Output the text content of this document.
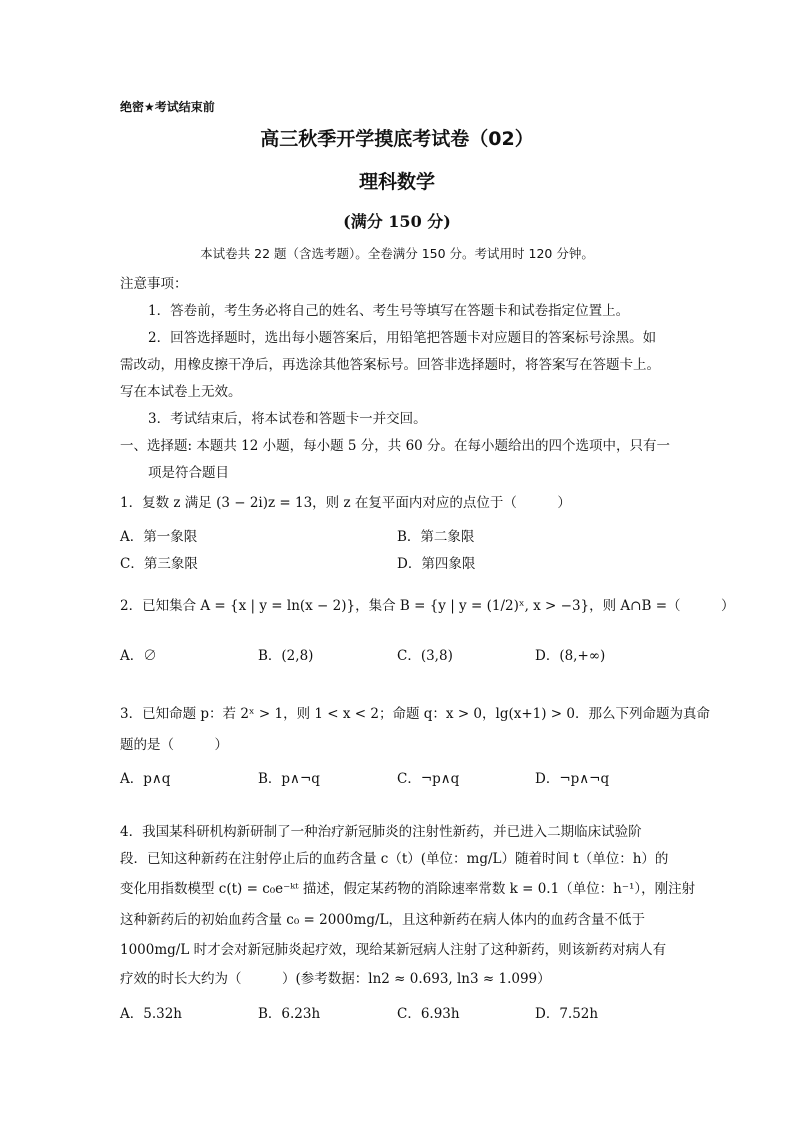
绝密★考试结束前
高三秋季开学摸底考试卷（02）
理科数学
(满分 150 分)
本试卷共 22 题（含选考题）。全卷满分 150 分。考试用时 120 分钟。
注意事项：
1．答卷前，考生务必将自己的姓名、考生号等填写在答题卡和试卷指定位置上。
2．回答选择题时，选出每小题答案后，用铅笔把答题卡对应题目的答案标号涂黑。如
需改动，用橡皮擦干净后，再选涂其他答案标号。回答非选择题时，将答案写在答题卡上。
写在本试卷上无效。
3．考试结束后，将本试卷和答题卡一并交回。
一、选择题: 本题共 12 小题，每小题 5 分，共 60 分。在每小题给出的四个选项中，只有一
项是符合题目
1．复数 z 满足 (3 − 2i)z = 13，则 z 在复平面内对应的点位于（　　　）
A．第一象限	B．第二象限
C．第三象限	D．第四象限
2．已知集合 A = {x | y = ln(x − 2)}，集合 B = {y | y = (1/2)ˣ, x > −3}，则 A∩B =（　　　）
A．∅	B．(2,8)	C．(3,8)	D．(8,+∞)
3．已知命题 p：若 2ˣ > 1，则 1 < x < 2；命题 q：x > 0，lg(x+1) > 0．那么下列命题为真命
题的是（　　　）
A．p∧q	B．p∧¬q	C．¬p∧q	D．¬p∧¬q
4．我国某科研机构新研制了一种治疗新冠肺炎的注射性新药，并已进入二期临床试验阶
段．已知这种新药在注射停止后的血药含量 c（t）(单位：mg/L）随着时间 t（单位：h）的
变化用指数模型 c(t) = c₀e⁻ᵏᵗ 描述，假定某药物的消除速率常数 k = 0.1（单位：h⁻¹），刚注射
这种新药后的初始血药含量 c₀ = 2000mg/L，且这种新药在病人体内的血药含量不低于
1000mg/L 时才会对新冠肺炎起疗效，现给某新冠病人注射了这种新药，则该新药对病人有
疗效的时长大约为（　　　）(参考数据：ln2 ≈ 0.693, ln3 ≈ 1.099）
A．5.32h	B．6.23h	C．6.93h	D．7.52h
